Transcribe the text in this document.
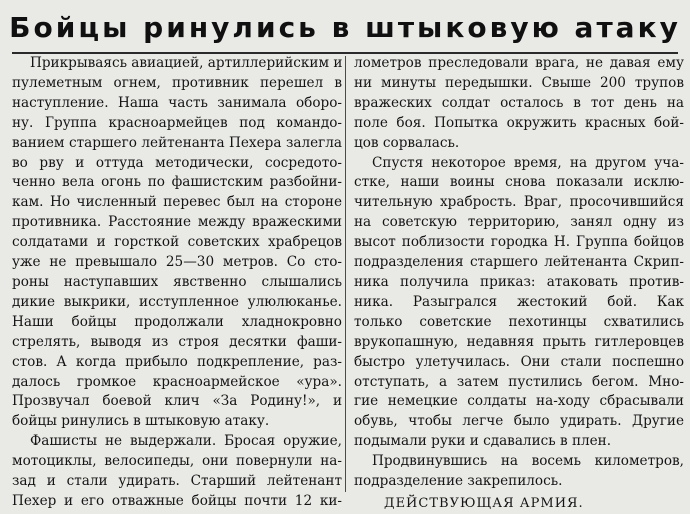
Бойцы ринулись в штыковую атаку
Прикрываясь авиацией, артиллерийским и
пулеметным огнем, противник перешел в
наступление. Наша часть занимала оборо-
ну. Группа красноармейцев под командо-
ванием старшего лейтенанта Пехера залегла
во рву и оттуда методически, сосредото-
ченно вела огонь по фашистским разбойни-
кам. Но численный перевес был на стороне
противника. Расстояние между вражескими
солдатами и горсткой советских храбрецов
уже не превышало 25—30 метров. Со сто-
роны наступавших явственно слышались
дикие выкрики, исступленное улюлюканье.
Наши бойцы продолжали хладнокровно
стрелять, выводя из строя десятки фаши-
стов. А когда прибыло подкрепление, раз-
далось громкое красноармейское «ура».
Прозвучал боевой клич «За Родину!», и
бойцы ринулись в штыковую атаку.
Фашисты не выдержали. Бросая оружие,
мотоциклы, велосипеды, они повернули на-
зад и стали удирать. Старший лейтенант
Пехер и его отважные бойцы почти 12 ки-
лометров преследовали врага, не давая ему
ни минуты передышки. Свыше 200 трупов
вражеских солдат осталось в тот день на
поле боя. Попытка окружить красных бой-
цов сорвалась.
Спустя некоторое время, на другом уча-
стке, наши воины снова показали исклю-
чительную храбрость. Враг, просочившийся
на советскую территорию, занял одну из
высот поблизости городка Н. Группа бойцов
подразделения старшего лейтенанта Скрип-
ника получила приказ: атаковать против-
ника. Разыгрался жестокий бой. Как
только советские пехотинцы схватились
врукопашную, недавняя прыть гитлеровцев
быстро улетучилась. Они стали поспешно
отступать, а затем пустились бегом. Мно-
гие немецкие солдаты на-ходу сбрасывали
обувь, чтобы легче было удирать. Другие
подымали руки и сдавались в плен.
Продвинувшись на восемь километров,
подразделение закрепилось.
ДЕЙСТВУЮЩАЯ АРМИЯ.
